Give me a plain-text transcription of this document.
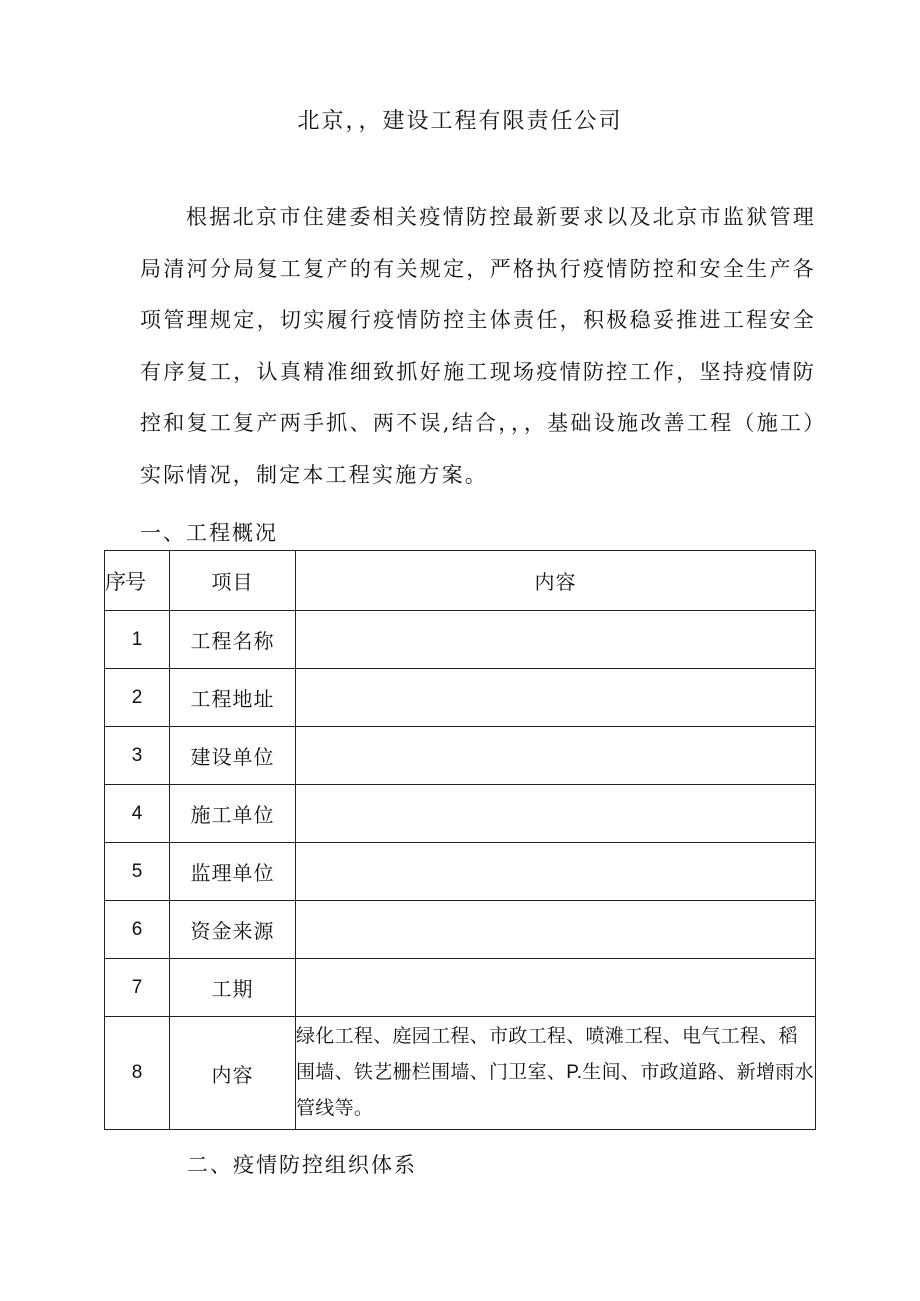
北京，，建设工程有限责任公司

根据北京市住建委相关疫情防控最新要求以及北京市监狱管理局清河分局复工复产的有关规定，严格执行疫情防控和安全生产各项管理规定，切实履行疫情防控主体责任，积极稳妥推进工程安全有序复工，认真精准细致抓好施工现场疫情防控工作，坚持疫情防控和复工复产两手抓、两不误,结合，，，基础设施改善工程（施工）实际情况，制定本工程实施方案。

一、工程概况
序号	项目	内容
1	工程名称	
2	工程地址	
3	建设单位	
4	施工单位	
5	监理单位	
6	资金来源	
7	工期	
8	内容	绿化工程、庭园工程、市政工程、喷滩工程、电气工程、稻围墙、铁艺栅栏围墙、门卫室、P.生间、市政道路、新增雨水管线等。
二、疫情防控组织体系
